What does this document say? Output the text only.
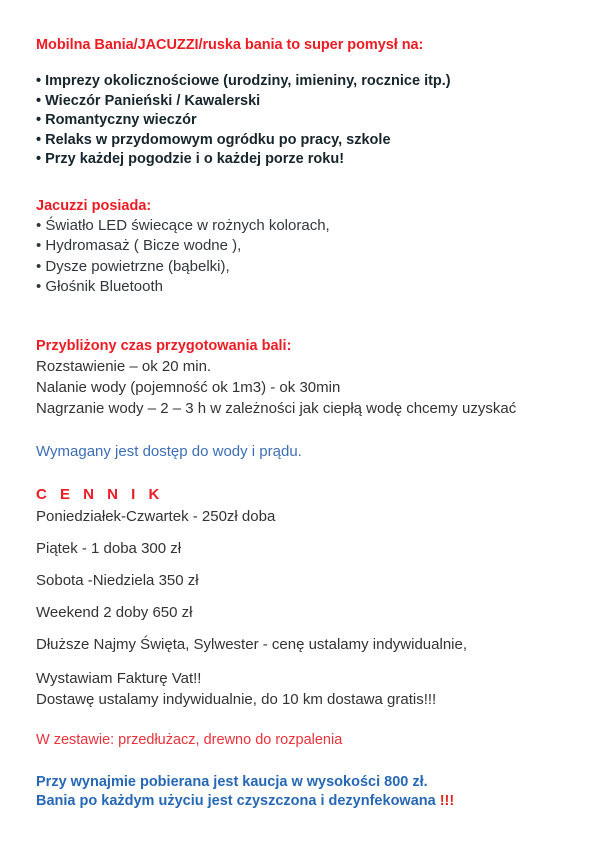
Mobilna Bania/JACUZZI/ruska bania to super pomysł na:
• Imprezy okolicznościowe (urodziny, imieniny, rocznice itp.)
• Wieczór Panieński / Kawalerski
• Romantyczny wieczór
• Relaks w przydomowym ogródku po pracy, szkole
• Przy każdej pogodzie i o każdej porze roku!
Jacuzzi posiada:
• Światło LED świecące w rożnych kolorach,
• Hydromasaż ( Bicze wodne ),
• Dysze powietrzne (bąbelki),
• Głośnik Bluetooth
Przybliżony czas przygotowania bali:
Rozstawienie – ok 20 min.
Nalanie wody (pojemność ok 1m3) - ok 30min
Nagrzanie wody – 2 – 3 h w zależności jak ciepłą wodę chcemy uzyskać
Wymagany jest dostęp do wody i prądu.
C E N N I K
Poniedziałek-Czwartek - 250zł doba
Piątek - 1 doba 300 zł
Sobota -Niedziela 350 zł
Weekend 2 doby 650 zł
Dłuższe Najmy Święta, Sylwester - cenę ustalamy indywidualnie,
Wystawiam Fakturę Vat!!
Dostawę ustalamy indywidualnie, do 10 km dostawa gratis!!!
W zestawie: przedłużacz, drewno do rozpalenia
Przy wynajmie pobierana jest kaucja w wysokości 800 zł.
Bania po każdym użyciu jest czyszczona i dezynfekowana !!!
